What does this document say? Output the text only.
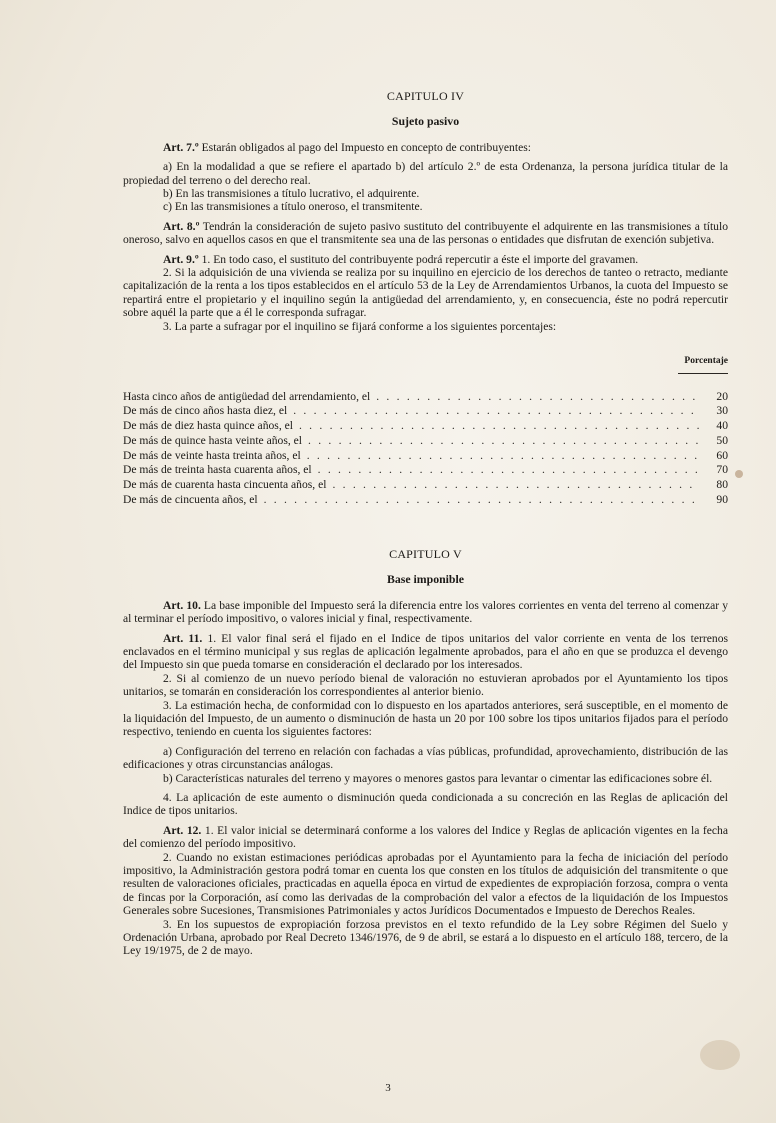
CAPITULO IV
Sujeto pasivo

Art. 7.º Estarán obligados al pago del Impuesto en concepto de contribuyentes:

a) En la modalidad a que se refiere el apartado b) del artículo 2.º de esta Ordenanza, la persona jurídica titular de la propiedad del terreno o del derecho real.

b) En las transmisiones a título lucrativo, el adquirente.

c) En las transmisiones a título oneroso, el transmitente.

Art. 8.º Tendrán la consideración de sujeto pasivo sustituto del contribuyente el adquirente en las transmisiones a título oneroso, salvo en aquellos casos en que el transmitente sea una de las personas o entidades que disfrutan de exención subjetiva.

Art. 9.º 1. En todo caso, el sustituto del contribuyente podrá repercutir a éste el importe del gravamen.

2. Si la adquisición de una vivienda se realiza por su inquilino en ejercicio de los derechos de tanteo o retracto, mediante capitalización de la renta a los tipos establecidos en el artículo 53 de la Ley de Arrendamientos Urbanos, la cuota del Impuesto se repartirá entre el propietario y el inquilino según la antigüedad del arrendamiento, y, en consecuencia, éste no podrá repercutir sobre aquél la parte que a él le corresponda sufragar.

3. La parte a sufragar por el inquilino se fijará conforme a los siguientes porcentajes:

Porcentaje
Hasta cinco años de antigüedad del arrendamiento, el . . .	20
De más de cinco años hasta diez, el . . .	30
De más de diez hasta quince años, el . . .	40
De más de quince hasta veinte años, el . . .	50
De más de veinte hasta treinta años, el . . .	60
De más de treinta hasta cuarenta años, el . . .	70
De más de cuarenta hasta cincuenta años, el . . .	80
De más de cincuenta años, el . . .	90
CAPITULO V
Base imponible

Art. 10. La base imponible del Impuesto será la diferencia entre los valores corrientes en venta del terreno al comenzar y al terminar el período impositivo, o valores inicial y final, respectivamente.

Art. 11. 1. El valor final será el fijado en el Indice de tipos unitarios del valor corriente en venta de los terrenos enclavados en el término municipal y sus reglas de aplicación legalmente aprobados, para el año en que se produzca el devengo del Impuesto sin que pueda tomarse en consideración el declarado por los interesados.

2. Si al comienzo de un nuevo período bienal de valoración no estuvieran aprobados por el Ayuntamiento los tipos unitarios, se tomarán en consideración los correspondientes al anterior bienio.

3. La estimación hecha, de conformidad con lo dispuesto en los apartados anteriores, será susceptible, en el momento de la liquidación del Impuesto, de un aumento o disminución de hasta un 20 por 100 sobre los tipos unitarios fijados para el período respectivo, teniendo en cuenta los siguientes factores:

a) Configuración del terreno en relación con fachadas a vías públicas, profundidad, aprovechamiento, distribución de las edificaciones y otras circunstancias análogas.

b) Características naturales del terreno y mayores o menores gastos para levantar o cimentar las edificaciones sobre él.

4. La aplicación de este aumento o disminución queda condicionada a su concreción en las Reglas de aplicación del Indice de tipos unitarios.

Art. 12. 1. El valor inicial se determinará conforme a los valores del Indice y Reglas de aplicación vigentes en la fecha del comienzo del período impositivo.

2. Cuando no existan estimaciones periódicas aprobadas por el Ayuntamiento para la fecha de iniciación del período impositivo, la Administración gestora podrá tomar en cuenta los que consten en los títulos de adquisición del transmitente o que resulten de valoraciones oficiales, practicadas en aquella época en virtud de expedientes de expropiación forzosa, compra o venta de fincas por la Corporación, así como las derivadas de la comprobación del valor a efectos de la liquidación de los Impuestos Generales sobre Sucesiones, Transmisiones Patrimoniales y actos Jurídicos Documentados e Impuesto de Derechos Reales.

3. En los supuestos de expropiación forzosa previstos en el texto refundido de la Ley sobre Régimen del Suelo y Ordenación Urbana, aprobado por Real Decreto 1346/1976, de 9 de abril, se estará a lo dispuesto en el artículo 188, tercero, de la Ley 19/1975, de 2 de mayo.

3
